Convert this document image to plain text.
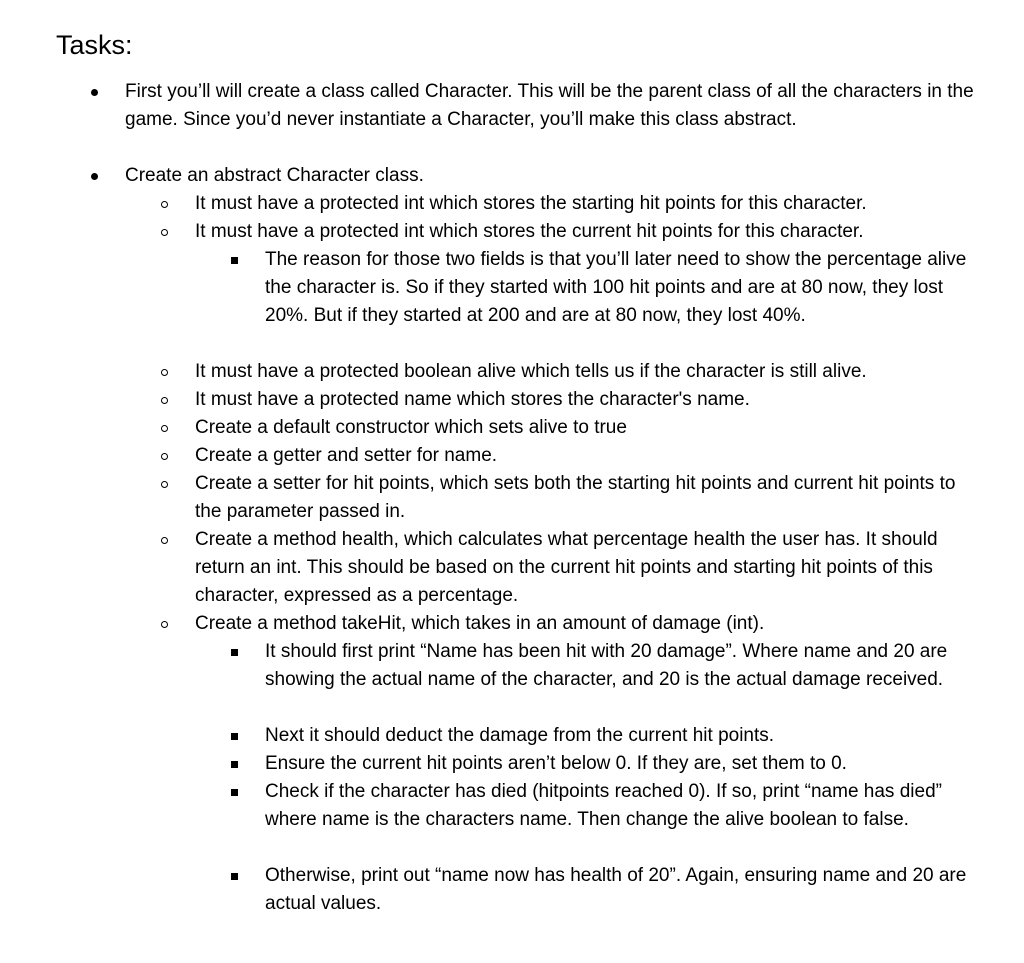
Tasks:

First you’ll will create a class called Character. This will be the parent class of all the characters in the game. Since you’d never instantiate a Character, you’ll make this class abstract.

Create an abstract Character class.

It must have a protected int which stores the starting hit points for this character.

It must have a protected int which stores the current hit points for this character.

The reason for those two fields is that you’ll later need to show the percentage alive the character is. So if they started with 100 hit points and are at 80 now, they lost 20%. But if they started at 200 and are at 80 now, they lost 40%.

It must have a protected boolean alive which tells us if the character is still alive.

It must have a protected name which stores the character's name.

Create a default constructor which sets alive to true

Create a getter and setter for name.

Create a setter for hit points, which sets both the starting hit points and current hit points to the parameter passed in.

Create a method health, which calculates what percentage health the user has. It should return an int. This should be based on the current hit points and starting hit points of this character, expressed as a percentage.

Create a method takeHit, which takes in an amount of damage (int).

It should first print “Name has been hit with 20 damage”. Where name and 20 are showing the actual name of the character, and 20 is the actual damage received.

Next it should deduct the damage from the current hit points.

Ensure the current hit points aren’t below 0. If they are, set them to 0.

Check if the character has died (hitpoints reached 0). If so, print “name has died” where name is the characters name. Then change the alive boolean to false.

Otherwise, print out “name now has health of 20”. Again, ensuring name and 20 are actual values.
